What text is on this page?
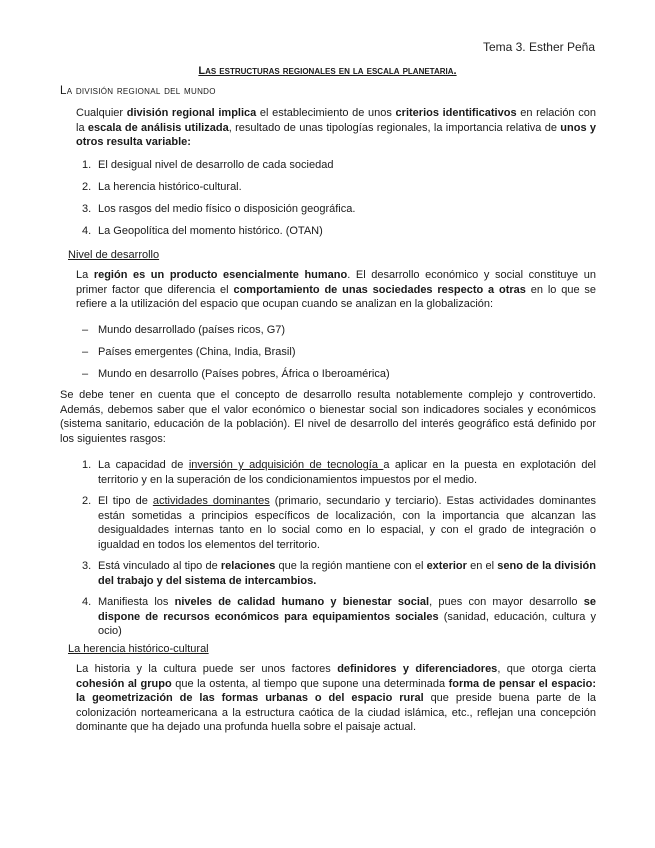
Tema 3. Esther Peña
Las estructuras regionales en la escala planetaria.
La división regional del mundo
Cualquier división regional implica el establecimiento de unos criterios identificativos en relación con la escala de análisis utilizada, resultado de unas tipologías regionales, la importancia relativa de unos y otros resulta variable:
1. El desigual nivel de desarrollo de cada sociedad
2. La herencia histórico-cultural.
3. Los rasgos del medio físico o disposición geográfica.
4. La Geopolítica del momento histórico. (OTAN)
Nivel de desarrollo
La región es un producto esencialmente humano. El desarrollo económico y social constituye un primer factor que diferencia el comportamiento de unas sociedades respecto a otras en lo que se refiere a la utilización del espacio que ocupan cuando se analizan en la globalización:
– Mundo desarrollado (países ricos, G7)
– Países emergentes (China, India, Brasil)
– Mundo en desarrollo (Países pobres, África o Iberoamérica)
Se debe tener en cuenta que el concepto de desarrollo resulta notablemente complejo y controvertido. Además, debemos saber que el valor económico o bienestar social son indicadores sociales y económicos (sistema sanitario, educación de la población). El nivel de desarrollo del interés geográfico está definido por los siguientes rasgos:
1. La capacidad de inversión y adquisición de tecnología a aplicar en la puesta en explotación del territorio y en la superación de los condicionamientos impuestos por el medio.
2. El tipo de actividades dominantes (primario, secundario y terciario). Estas actividades dominantes están sometidas a principios específicos de localización, con la importancia que alcanzan las desigualdades internas tanto en lo social como en lo espacial, y con el grado de integración o igualdad en todos los elementos del territorio.
3. Está vinculado al tipo de relaciones que la región mantiene con el exterior en el seno de la división del trabajo y del sistema de intercambios.
4. Manifiesta los niveles de calidad humano y bienestar social, pues con mayor desarrollo se dispone de recursos económicos para equipamientos sociales (sanidad, educación, cultura y ocio)
La herencia histórico-cultural
La historia y la cultura puede ser unos factores definidores y diferenciadores, que otorga cierta cohesión al grupo que la ostenta, al tiempo que supone una determinada forma de pensar el espacio: la geometrización de las formas urbanas o del espacio rural que preside buena parte de la colonización norteamericana a la estructura caótica de la ciudad islámica, etc., reflejan una concepción dominante que ha dejado una profunda huella sobre el paisaje actual.
